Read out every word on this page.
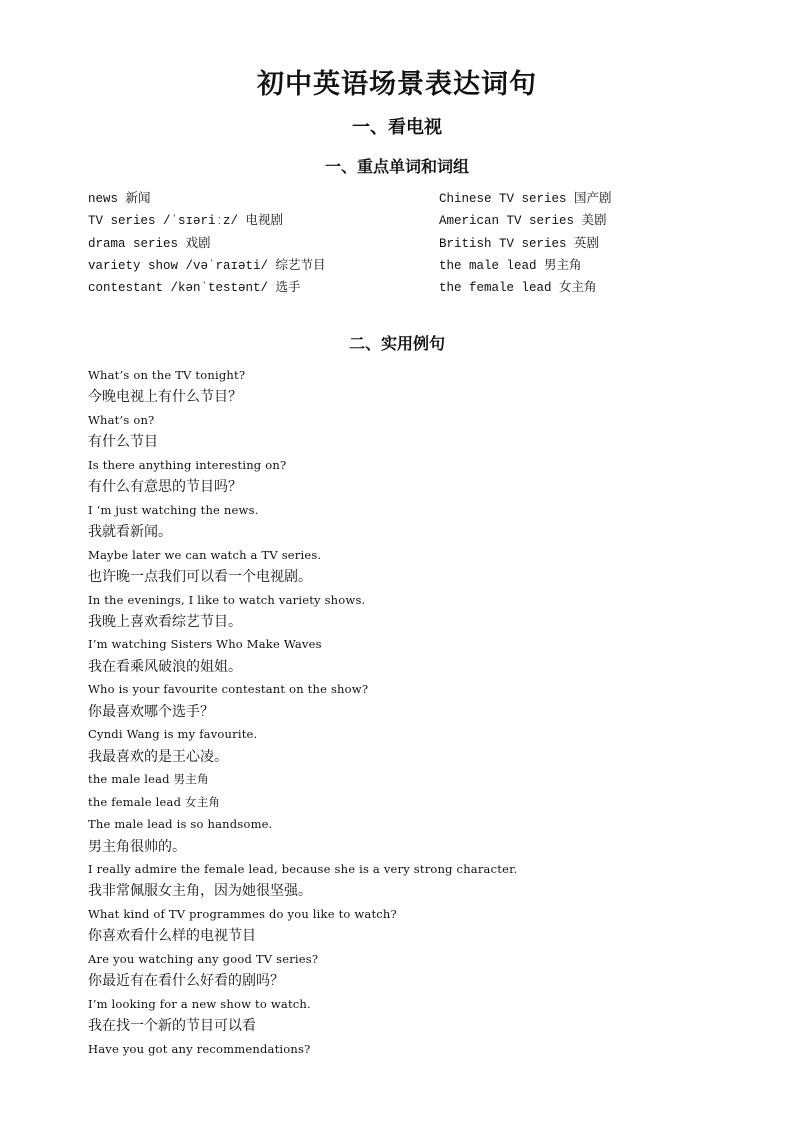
初中英语场景表达词句
一、看电视
一、重点单词和词组
news 新闻
TV series /ˈsɪəriːz/ 电视剧
drama series 戏剧
variety show /vəˈraɪəti/ 综艺节目
contestant /kənˈtestənt/ 选手
Chinese TV series 国产剧
American TV series 美剧
British TV series 英剧
the male lead 男主角
the female lead 女主角
二、实用例句
What’s on the TV tonight?
今晚电视上有什么节目？
What’s on?
有什么节目
Is there anything interesting on?
有什么有意思的节目吗？
I ‘m just watching the news.
我就看新闻。
Maybe later we can watch a TV series.
也许晚一点我们可以看一个电视剧。
In the evenings, I like to watch variety shows.
我晚上喜欢看综艺节目。
I’m watching Sisters Who Make Waves
我在看乘风破浪的姐姐。
Who is your favourite contestant on the show?
你最喜欢哪个选手？
Cyndi Wang is my favourite.
我最喜欢的是王心凌。
the male lead 男主角
the female lead 女主角
The male lead is so handsome.
男主角很帅的。
I really admire the female lead, because she is a very strong character.
我非常佩服女主角，因为她很坚强。
What kind of TV programmes do you like to watch?
你喜欢看什么样的电视节目
Are you watching any good TV series?
你最近有在看什么好看的剧吗？
I’m looking for a new show to watch.
我在找一个新的节目可以看
Have you got any recommendations?
